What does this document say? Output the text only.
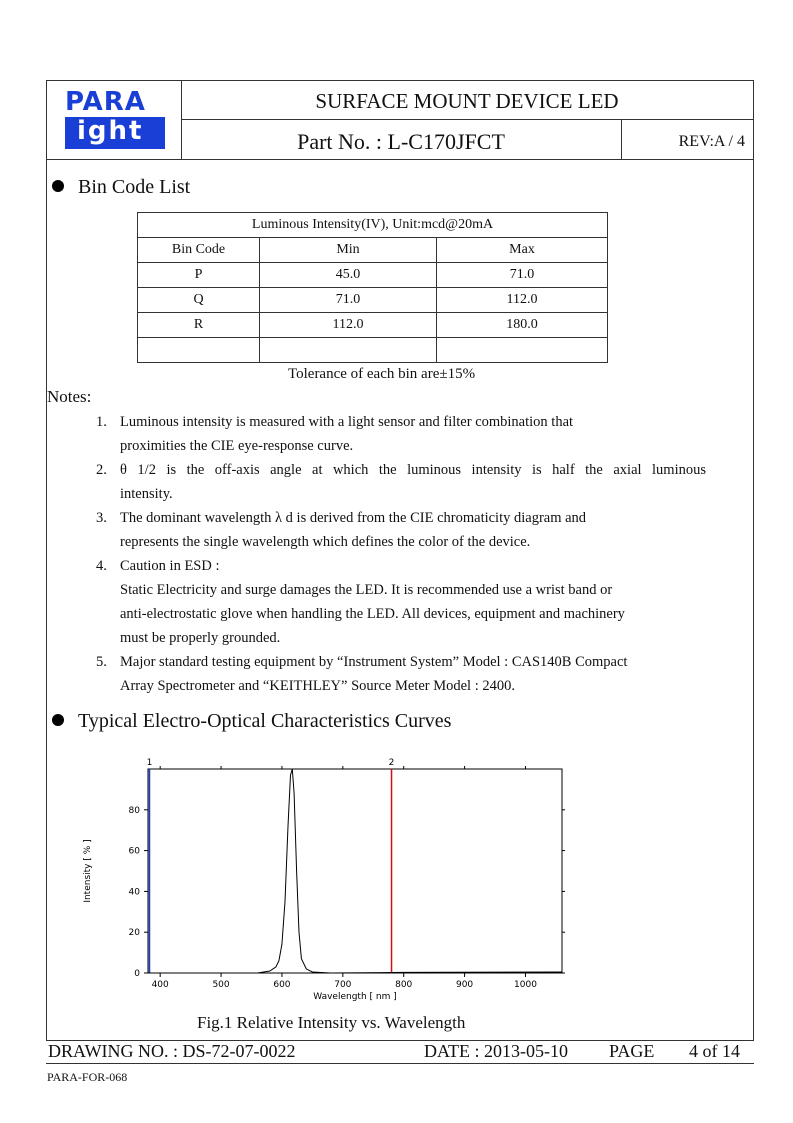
PARA
ight
SURFACE MOUNT DEVICE LED
Part No. : L-C170JFCT	REV:A / 4
Bin Code List
Luminous Intensity(IV), Unit:mcd@20mA		
Bin Code	Min	Max
P	45.0	71.0
Q	71.0	112.0
R	112.0	180.0

Tolerance of each bin are±15%
Notes:
1. Luminous intensity is measured with a light sensor and filter combination that
proximities the CIE eye-response curve.
2. θ 1/2 is the off-axis angle at which the luminous intensity is half the axial luminous
intensity.
3. The dominant wavelength λ d is derived from the CIE chromaticity diagram and
represents the single wavelength which defines the color of the device.
4. Caution in ESD :
Static Electricity and surge damages the LED. It is recommended use a wrist band or
anti-electrostatic glove when handling the LED. All devices, equipment and machinery
must be properly grounded.
5. Major standard testing equipment by “Instrument System” Model : CAS140B Compact
Array Spectrometer and “KEITHLEY” Source Meter Model : 2400.
Typical Electro-Optical Characteristics Curves
400	500	600	700	800	900	1000
0
20
40
60
80
Wavelength [ nm ]
Intensity [ % ]
1	2
Fig.1 Relative Intensity vs. Wavelength
DRAWING NO. : DS-72-07-0022	DATE : 2013-05-10 PAGE 4 of 14
PARA-FOR-068
